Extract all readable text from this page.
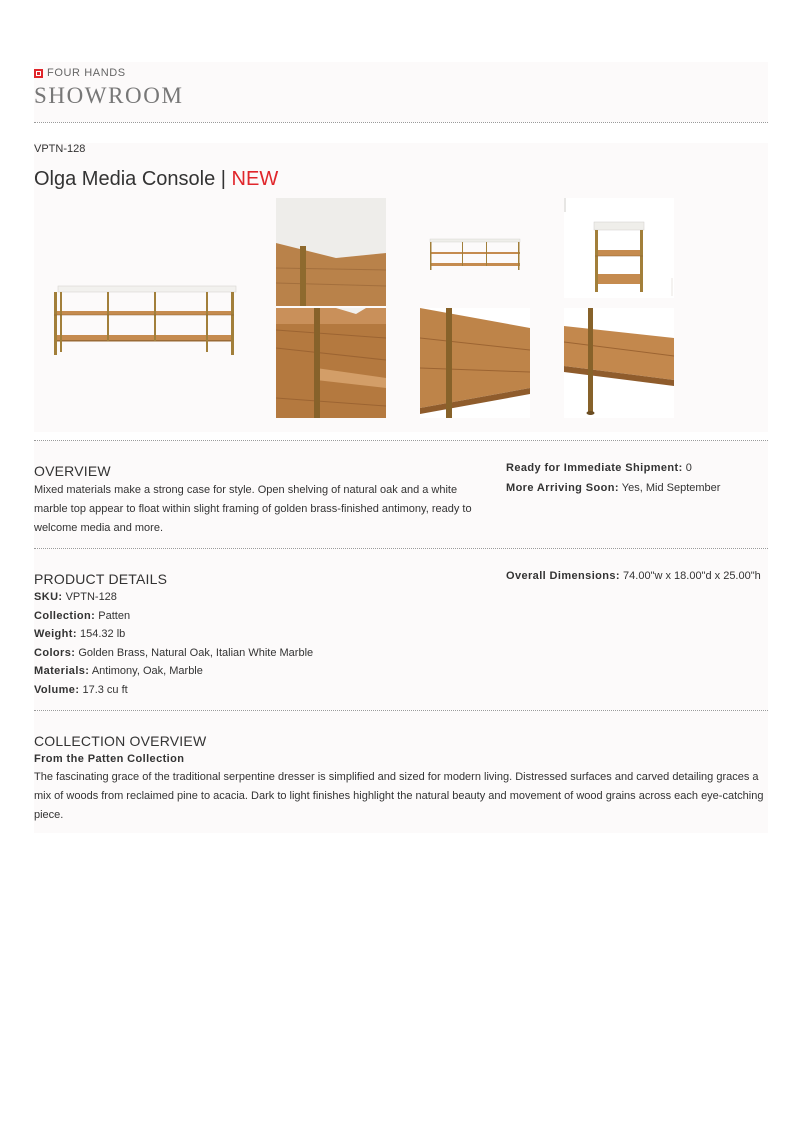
FOUR HANDS
SHOWROOM
VPTN-128
Olga Media Console | NEW
OVERVIEW
Mixed materials make a strong case for style. Open shelving of natural oak and a white marble top appear to float within slight framing of golden brass-finished antimony, ready to welcome media and more.
Ready for Immediate Shipment: 0
More Arriving Soon: Yes, Mid September
PRODUCT DETAILS
SKU: VPTN-128
Collection: Patten
Weight: 154.32 lb
Colors: Golden Brass, Natural Oak, Italian White Marble
Materials: Antimony, Oak, Marble
Volume: 17.3 cu ft
Overall Dimensions: 74.00"w x 18.00"d x 25.00"h
COLLECTION OVERVIEW
From the Patten Collection
The fascinating grace of the traditional serpentine dresser is simplified and sized for modern living. Distressed surfaces and carved detailing graces a mix of woods from reclaimed pine to acacia. Dark to light finishes highlight the natural beauty and movement of wood grains across each eye-catching piece.
